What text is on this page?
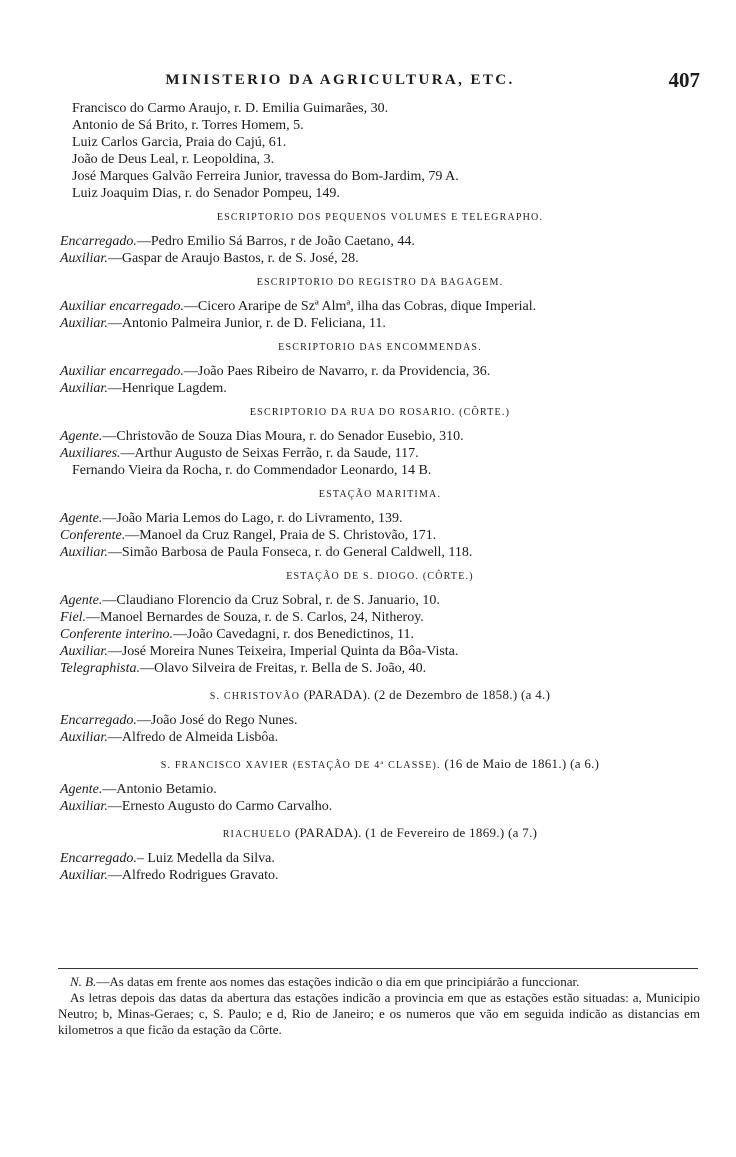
MINISTERIO DA AGRICULTURA, ETC.	407
Francisco do Carmo Araujo, r. D. Emilia Guimarães, 30.
Antonio de Sá Brito, r. Torres Homem, 5.
Luiz Carlos Garcia, Praia do Cajú, 61.
João de Deus Leal, r. Leopoldina, 3.
José Marques Galvão Ferreira Junior, travessa do Bom-Jardim, 79 A.
Luiz Joaquim Dias, r. do Senador Pompeu, 149.
ESCRIPTORIO DOS PEQUENOS VOLUMES E TELEGRAPHO.
Encarregado.—Pedro Emilio Sá Barros, r de João Caetano, 44.
Auxiliar.—Gaspar de Araujo Bastos, r. de S. José, 28.
ESCRIPTORIO DO REGISTRO DA BAGAGEM.
Auxiliar encarregado.—Cicero Araripe de Szª Almª, ilha das Cobras, dique Imperial.
Auxiliar.—Antonio Palmeira Junior, r. de D. Feliciana, 11.
ESCRIPTORIO DAS ENCOMMENDAS.
Auxiliar encarregado.—João Paes Ribeiro de Navarro, r. da Providencia, 36.
Auxiliar.—Henrique Lagdem.
ESCRIPTORIO DA RUA DO ROSARIO. (CÔRTE.)
Agente.—Christovão de Souza Dias Moura, r. do Senador Eusebio, 310.
Auxiliares.—Arthur Augusto de Seixas Ferrão, r. da Saude, 117.
Fernando Vieira da Rocha, r. do Commendador Leonardo, 14 B.
ESTAÇÃO MARITIMA.
Agente.—João Maria Lemos do Lago, r. do Livramento, 139.
Conferente.—Manoel da Cruz Rangel, Praia de S. Christovão, 171.
Auxiliar.—Simão Barbosa de Paula Fonseca, r. do General Caldwell, 118.
ESTAÇÃO DE S. DIOGO. (CÔRTE.)
Agente.—Claudiano Florencio da Cruz Sobral, r. de S. Januario, 10.
Fiel.—Manoel Bernardes de Souza, r. de S. Carlos, 24, Nitheroy.
Conferente interino.—João Cavedagni, r. dos Benedictinos, 11.
Auxiliar.—José Moreira Nunes Teixeira, Imperial Quinta da Bôa-Vista.
Telegraphista.—Olavo Silveira de Freitas, r. Bella de S. João, 40.
S. CHRISTOVÃO (PARADA). (2 de Dezembro de 1858.) (a 4.)
Encarregado.—João José do Rego Nunes.
Auxiliar.—Alfredo de Almeida Lisbôa.
S. FRANCISCO XAVIER (ESTAÇÃO DE 4ª CLASSE). (16 de Maio de 1861.) (a 6.)
Agente.—Antonio Betamio.
Auxiliar.—Ernesto Augusto do Carmo Carvalho.
RIACHUELO (PARADA). (1 de Fevereiro de 1869.) (a 7.)
Encarregado.– Luiz Medella da Silva.
Auxiliar.—Alfredo Rodrigues Gravato.

N. B.—As datas em frente aos nomes das estações indicão o dia em que principiárão a funccionar.

As letras depois das datas da abertura das estações indicão a provincia em que as estações estão situadas: a, Municipio Neutro; b, Minas-Geraes; c, S. Paulo; e d, Rio de Janeiro; e os numeros que vão em seguida indicão as distancias em kilometros a que ficão da estação da Côrte.
